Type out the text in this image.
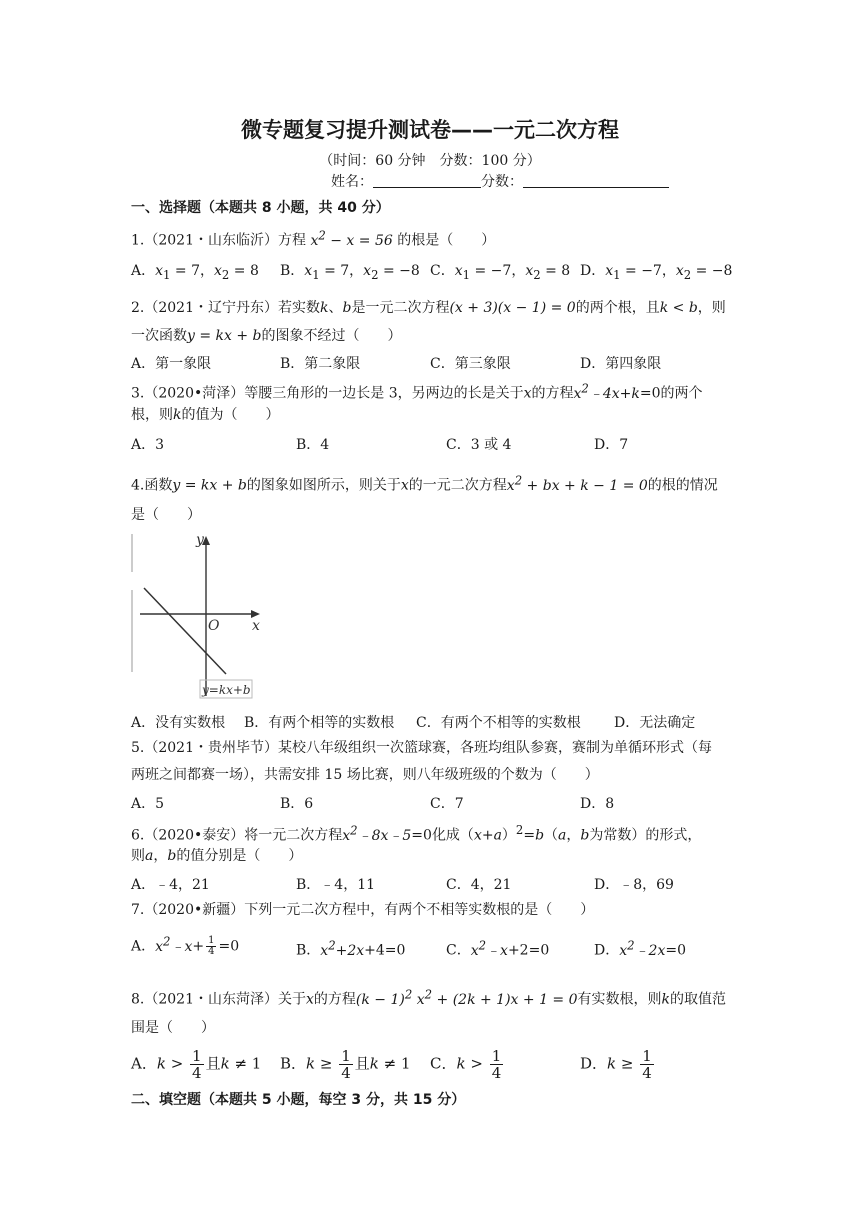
微专题复习提升测试卷——一元二次方程
（时间：60 分钟　分数：100 分）
姓名：	分数：
一、选择题（本题共 8 小题，共 40 分）
1.（2021・山东临沂）方程 $x^2 - x = 56$ 的根是（　　）
A．$x_1 = 7$，$x_2 = 8$ B．$x_1 = 7$，$x_2 = -8$ C．$x_1 = -7$，$x_2 = 8$ D．$x_1 = -7$，$x_2 = -8$
2.（2021・辽宁丹东）若实数k、b是一元二次方程(x + 3)(x − 1) = 0的两个根，且k < b，则
一次函数y = kx + b的图象不经过（　　）
A．第一象限	B．第二象限	C．第三象限	D．第四象限
3.（2020•菏泽）等腰三角形的一边长是 3，另两边的长是关于x的方程$x^2﹣4x+k=0$的两个
根，则k的值为（　　）
A．3	B．4	C．3 或 4	D．7
4.函数y = kx + b的图象如图所示，则关于x的一元二次方程$x^2$ + bx + k − 1 = 0的根的情况
是（　　）
y
x
O
y=kx+b
A．没有实数根 B．有两个相等的实数根 C．有两个不相等的实数根 D．无法确定
5.（2021・贵州毕节）某校八年级组织一次篮球赛，各班均组队参赛，赛制为单循环形式（每
两班之间都赛一场），共需安排 15 场比赛，则八年级班级的个数为（　　）
A．5	B．6	C．7	D．8
6.（2020•泰安）将一元二次方程$x^2﹣8x﹣5=0$化成$(x+a)^2=b(a$，b为常数）的形式，
则a，b的值分别是（　　）
A．﹣4，21	B．﹣4，11	C．4，21	D．﹣8，69
7.（2020•新疆）下列一元二次方程中，有两个不相等实数根的是（　　）
A．$x^2﹣x+ \frac{1}{4} =0$	B．$x^2+2x+4=0$	C．$x^2﹣x+2=0$	D．$x^2﹣2x=0$
8.（2021・山东菏泽）关于x的方程$(k - 1)^2$ $x^2 + (2k + 1)x + 1 = 0$有实数根，则k的取值范
围是（　　）
A．$k > \frac{1}{4}$ 且k ≠ 1 B．$k \ge \frac{1}{4}$ 且k ≠ 1 C．$k > \frac{1}{4}$	D．$k \ge \frac{1}{4}$
二、填空题（本题共 5 小题，每空 3 分，共 15 分）
